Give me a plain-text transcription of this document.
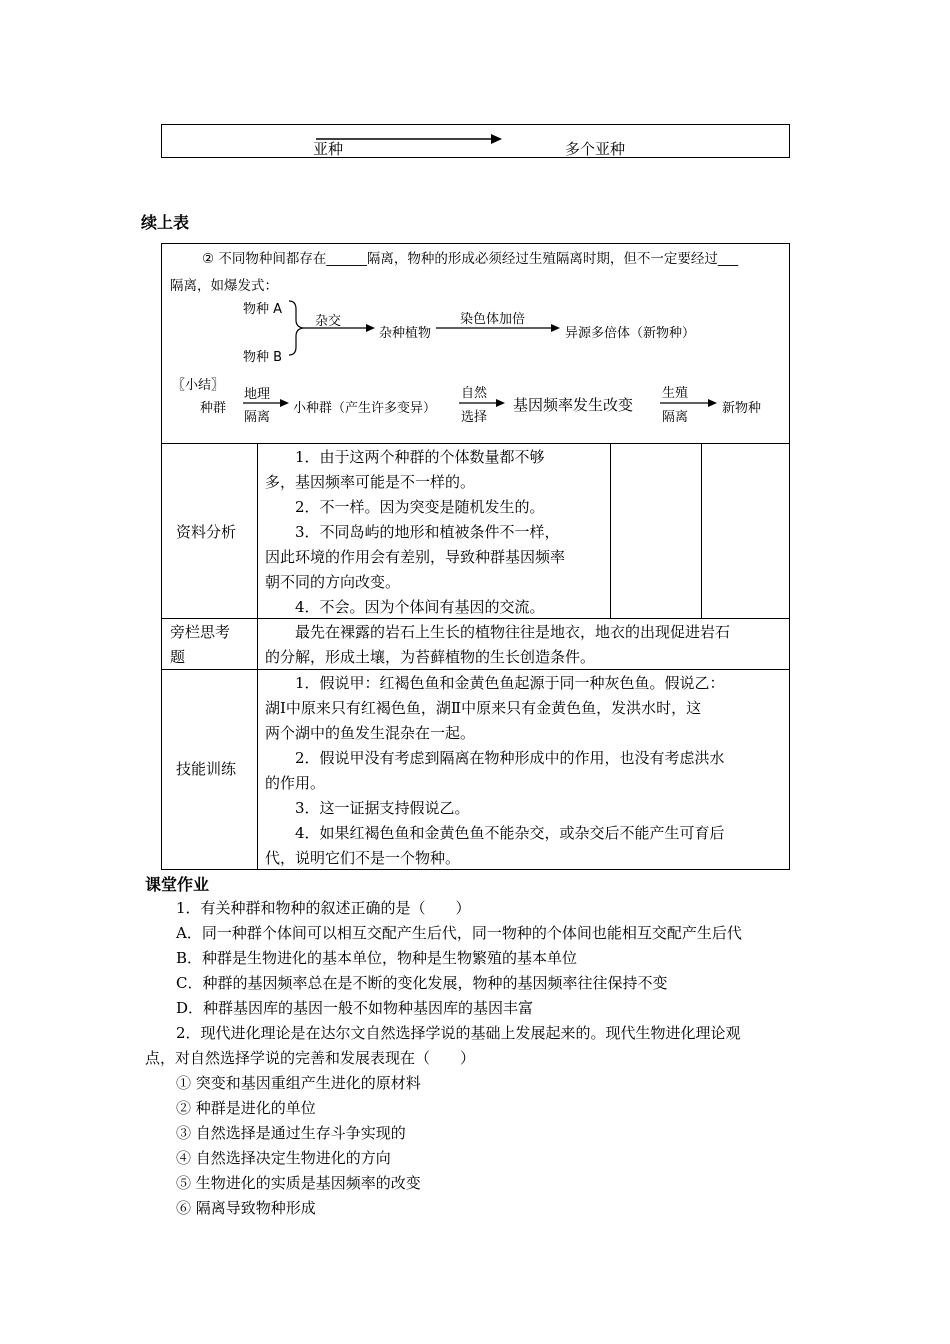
亚种	多个亚种
续上表
② 不同物种间都存在______隔离，物种的形成必须经过生殖隔离时期，但不一定要经过___
隔离，如爆发式：
物种 A
物种 B
杂交
杂种植物
染色体加倍
异源多倍体（新物种）
〖小结〗
种群
地理
隔离
小种群（产生许多变异）
自然
选择
基因频率发生改变
生殖
隔离
新物种
资料分析
　　1．由于这两个种群的个体数量都不够
多，基因频率可能是不一样的。
　　2．不一样。因为突变是随机发生的。
　　3．不同岛屿的地形和植被条件不一样，
因此环境的作用会有差别，导致种群基因频率
朝不同的方向改变。
　　4．不会。因为个体间有基因的交流。
旁栏思考
题
　　最先在裸露的岩石上生长的植物往往是地衣，地衣的出现促进岩石
的分解，形成土壤，为苔藓植物的生长创造条件。
技能训练
　　1．假说甲：红褐色鱼和金黄色鱼起源于同一种灰色鱼。假说乙：
湖Ⅰ中原来只有红褐色鱼，湖Ⅱ中原来只有金黄色鱼，发洪水时，这
两个湖中的鱼发生混杂在一起。
　　2．假说甲没有考虑到隔离在物种形成中的作用，也没有考虑洪水
的作用。
　　3．这一证据支持假说乙。
　　4．如果红褐色鱼和金黄色鱼不能杂交，或杂交后不能产生可育后
代，说明它们不是一个物种。
课堂作业
1．有关种群和物种的叙述正确的是（　　）
A．同一种群个体间可以相互交配产生后代，同一物种的个体间也能相互交配产生后代
B．种群是生物进化的基本单位，物种是生物繁殖的基本单位
C．种群的基因频率总在是不断的变化发展，物种的基因频率往往保持不变
D．种群基因库的基因一般不如物种基因库的基因丰富
2．现代进化理论是在达尔文自然选择学说的基础上发展起来的。现代生物进化理论观
点，对自然选择学说的完善和发展表现在（　　）
① 突变和基因重组产生进化的原材料
② 种群是进化的单位
③ 自然选择是通过生存斗争实现的
④ 自然选择决定生物进化的方向
⑤ 生物进化的实质是基因频率的改变
⑥ 隔离导致物种形成
